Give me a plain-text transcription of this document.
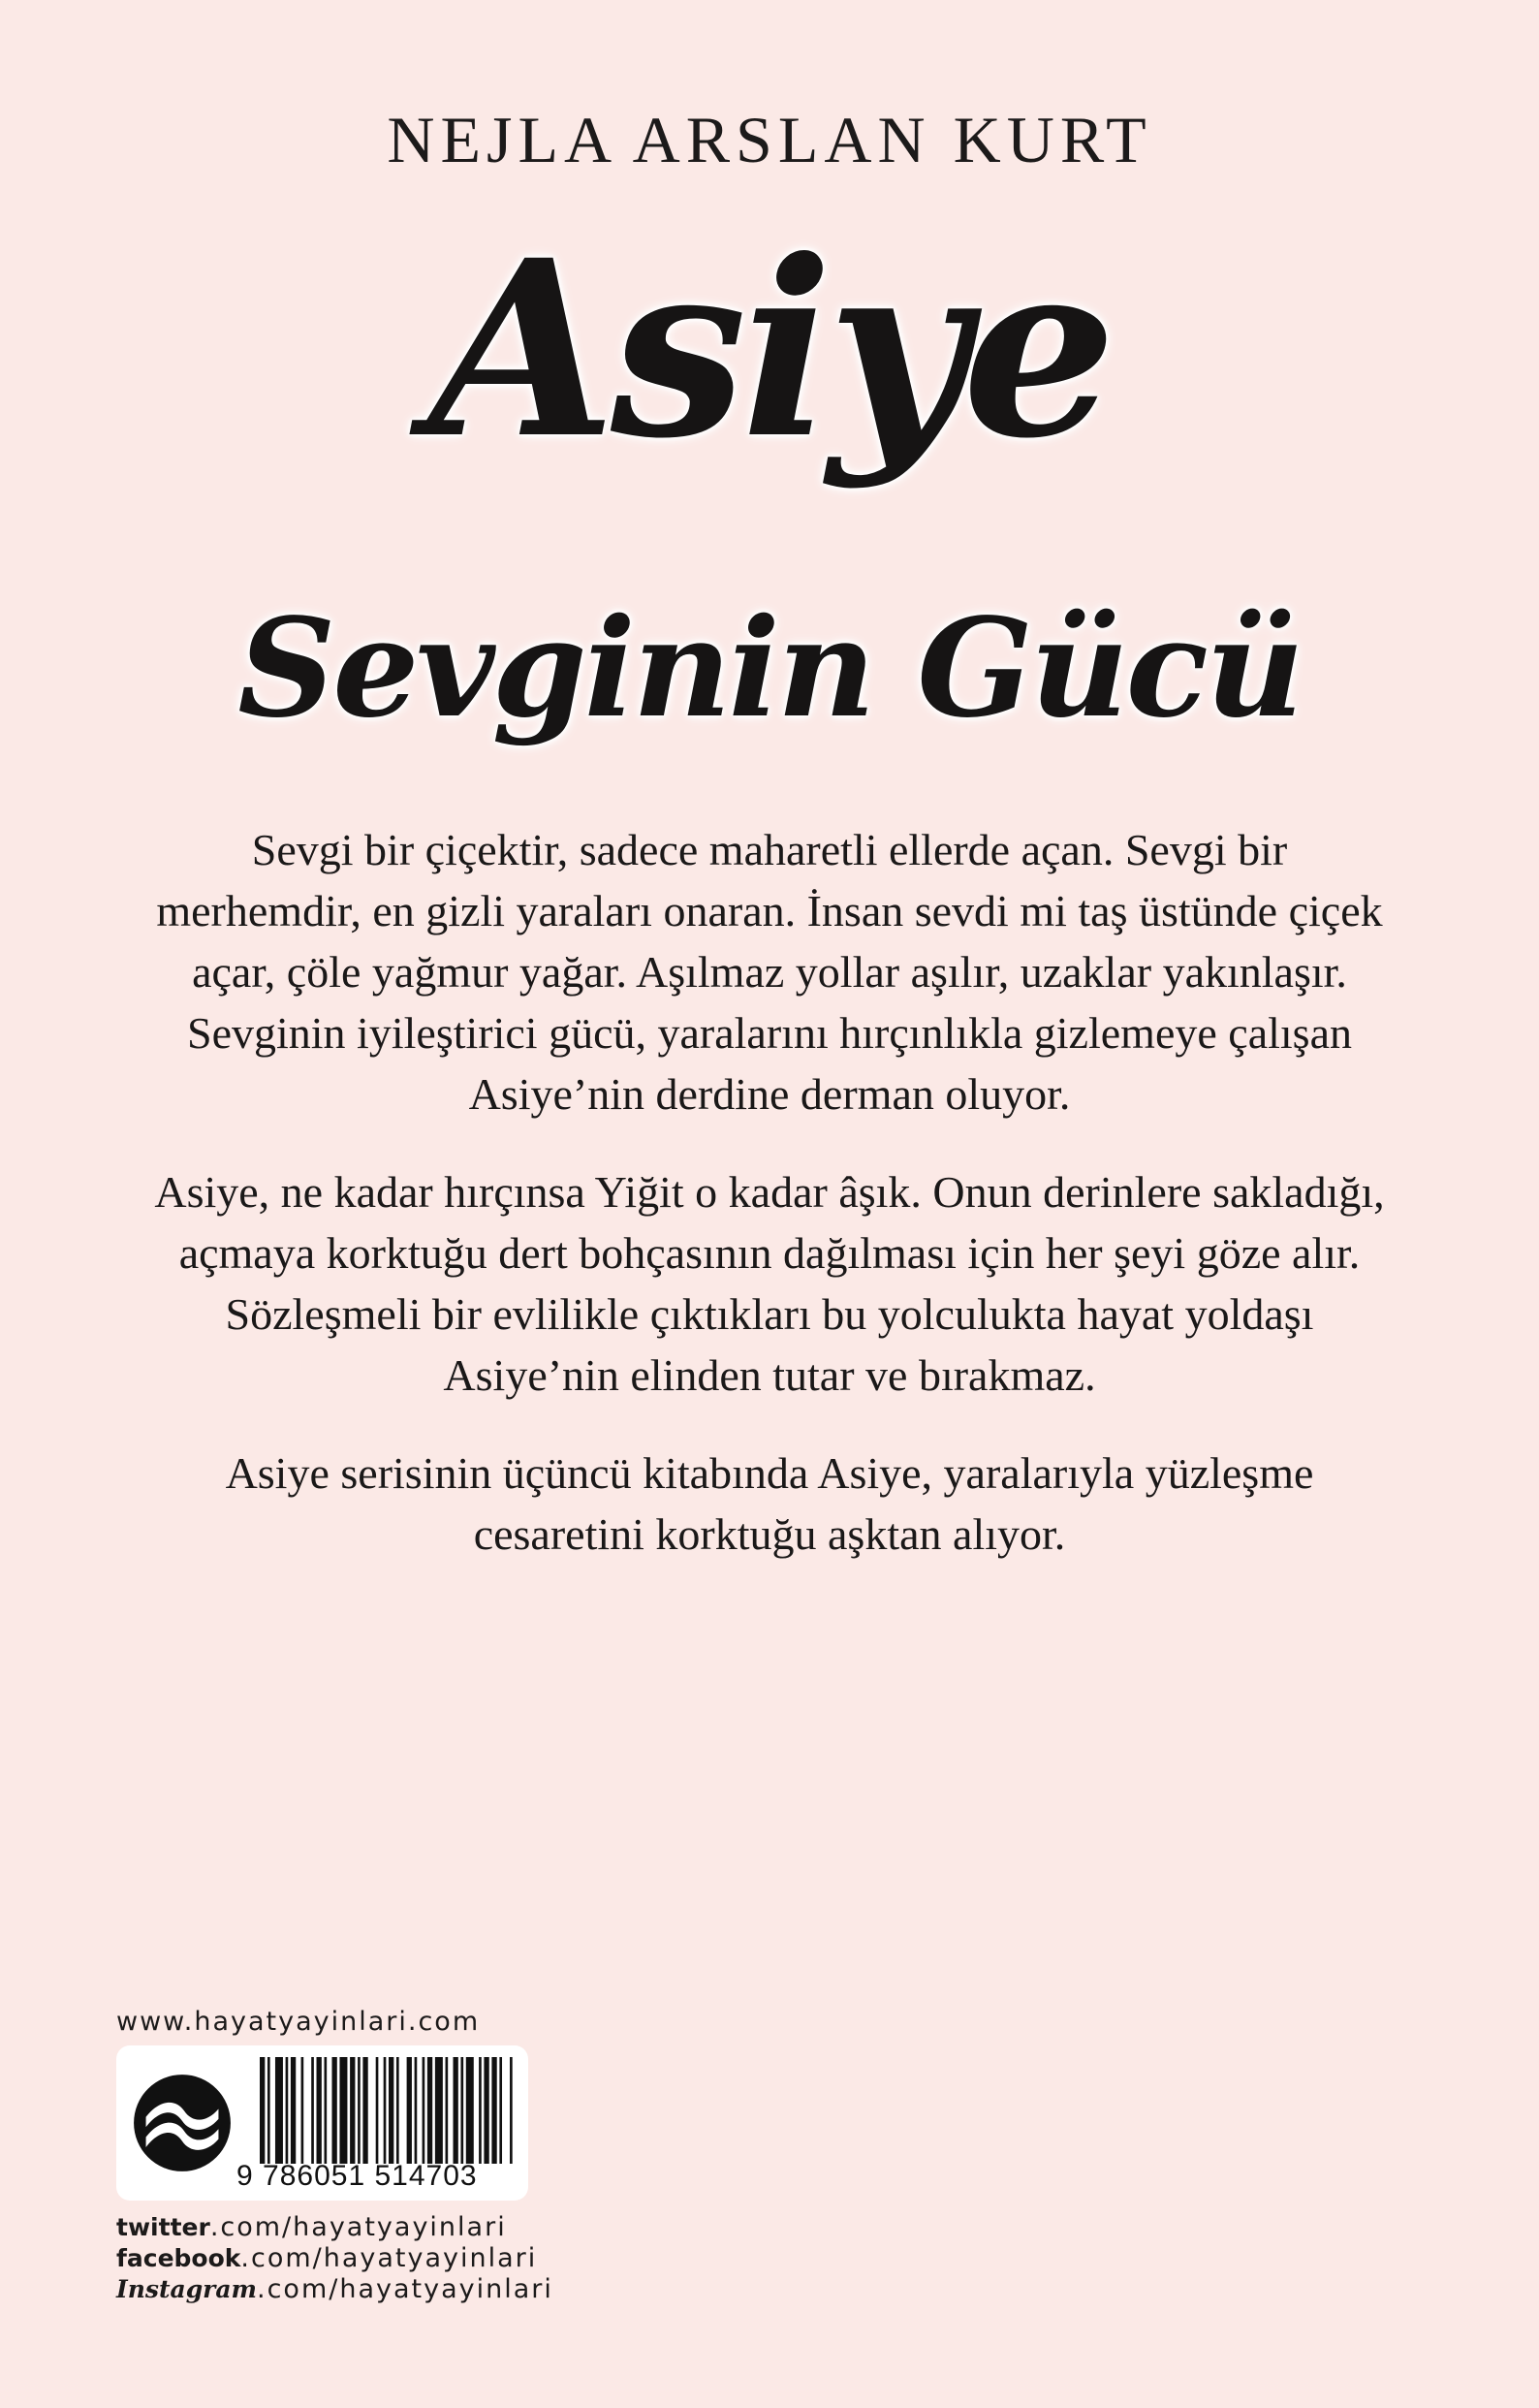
NEJLA ARSLAN KURT
Asiye
Sevginin Gücü

Sevgi bir çiçektir, sadece maharetli ellerde açan. Sevgi bir merhemdir, en gizli yaraları onaran. İnsan sevdi mi taş üstünde çiçek açar, çöle yağmur yağar. Aşılmaz yollar aşılır, uzaklar yakınlaşır. Sevginin iyileştirici gücü, yaralarını hırçınlıkla gizlemeye çalışan Asiye’nin derdine derman oluyor.

Asiye, ne kadar hırçınsa Yiğit o kadar âşık. Onun derinlere sakladığı, açmaya korktuğu dert bohçasının dağılması için her şeyi göze alır. Sözleşmeli bir evlilikle çıktıkları bu yolculukta hayat yoldaşı Asiye’nin elinden tutar ve bırakmaz.

Asiye serisinin üçüncü kitabında Asiye, yaralarıyla yüzleşme cesaretini korktuğu aşktan alıyor.

www.hayatyayinlari.com
9 786051 514703
twitter.com/hayatyayinlari
facebook.com/hayatyayinlari
Instagram.com/hayatyayinlari
